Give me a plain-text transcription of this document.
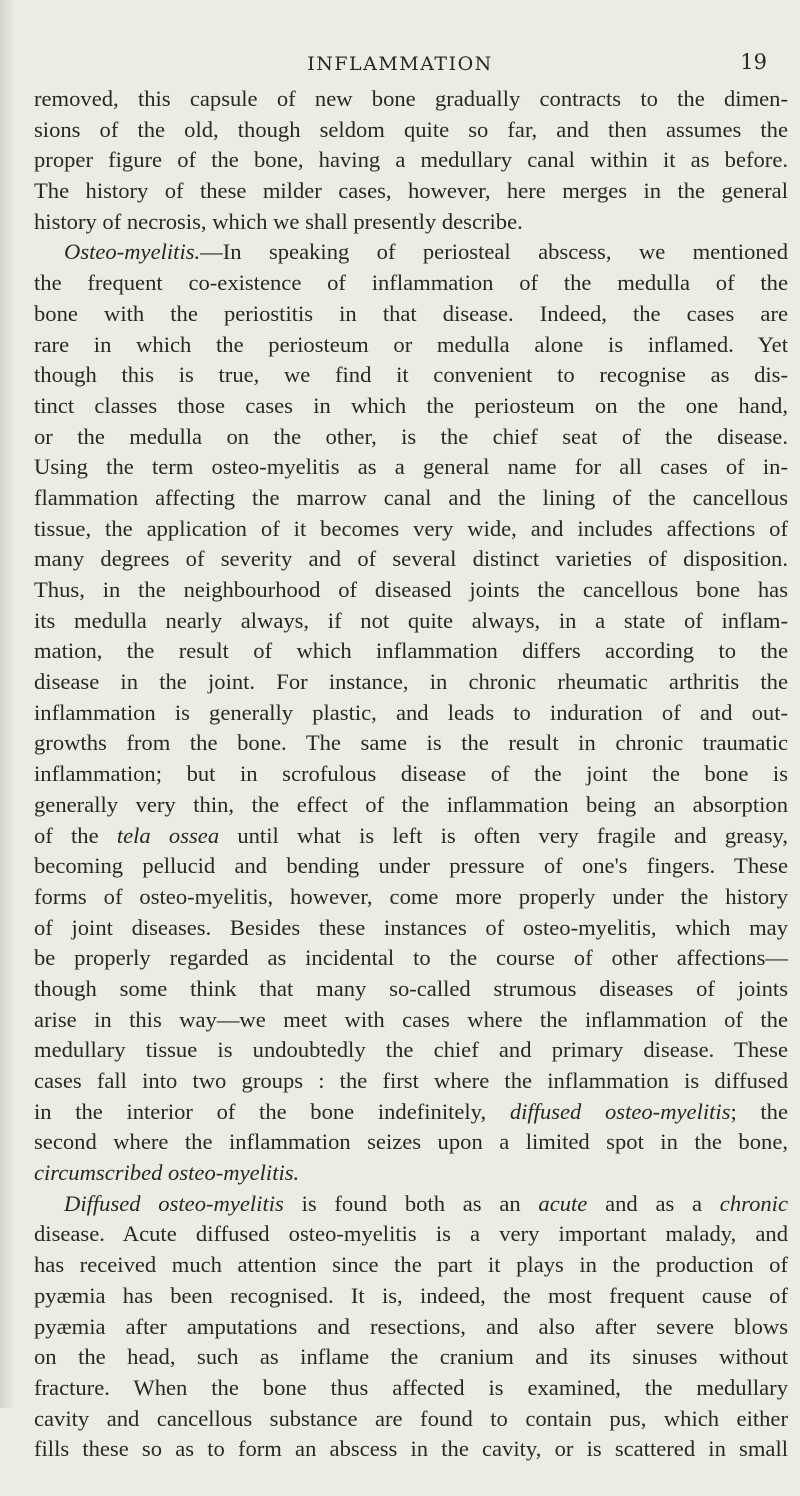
INFLAMMATION	19
removed, this capsule of new bone gradually contracts to the dimen-
sions of the old, though seldom quite so far, and then assumes the
proper figure of the bone, having a medullary canal within it as before.
The history of these milder cases, however, here merges in the general
history of necrosis, which we shall presently describe.
Osteo-myelitis.—In speaking of periosteal abscess, we mentioned
the frequent co-existence of inflammation of the medulla of the
bone with the periostitis in that disease. Indeed, the cases are
rare in which the periosteum or medulla alone is inflamed. Yet
though this is true, we find it convenient to recognise as dis-
tinct classes those cases in which the periosteum on the one hand,
or the medulla on the other, is the chief seat of the disease.
Using the term osteo-myelitis as a general name for all cases of in-
flammation affecting the marrow canal and the lining of the cancellous
tissue, the application of it becomes very wide, and includes affections of
many degrees of severity and of several distinct varieties of disposition.
Thus, in the neighbourhood of diseased joints the cancellous bone has
its medulla nearly always, if not quite always, in a state of inflam-
mation, the result of which inflammation differs according to the
disease in the joint. For instance, in chronic rheumatic arthritis the
inflammation is generally plastic, and leads to induration of and out-
growths from the bone. The same is the result in chronic traumatic
inflammation; but in scrofulous disease of the joint the bone is
generally very thin, the effect of the inflammation being an absorption
of the tela ossea until what is left is often very fragile and greasy,
becoming pellucid and bending under pressure of one's fingers. These
forms of osteo-myelitis, however, come more properly under the history
of joint diseases. Besides these instances of osteo-myelitis, which may
be properly regarded as incidental to the course of other affections—
though some think that many so-called strumous diseases of joints
arise in this way—we meet with cases where the inflammation of the
medullary tissue is undoubtedly the chief and primary disease. These
cases fall into two groups : the first where the inflammation is diffused
in the interior of the bone indefinitely, diffused osteo-myelitis; the
second where the inflammation seizes upon a limited spot in the bone,
circumscribed osteo-myelitis.
Diffused osteo-myelitis is found both as an acute and as a chronic
disease. Acute diffused osteo-myelitis is a very important malady, and
has received much attention since the part it plays in the production of
pyæmia has been recognised. It is, indeed, the most frequent cause of
pyæmia after amputations and resections, and also after severe blows
on the head, such as inflame the cranium and its sinuses without
fracture. When the bone thus affected is examined, the medullary
cavity and cancellous substance are found to contain pus, which either
fills these so as to form an abscess in the cavity, or is scattered in small
